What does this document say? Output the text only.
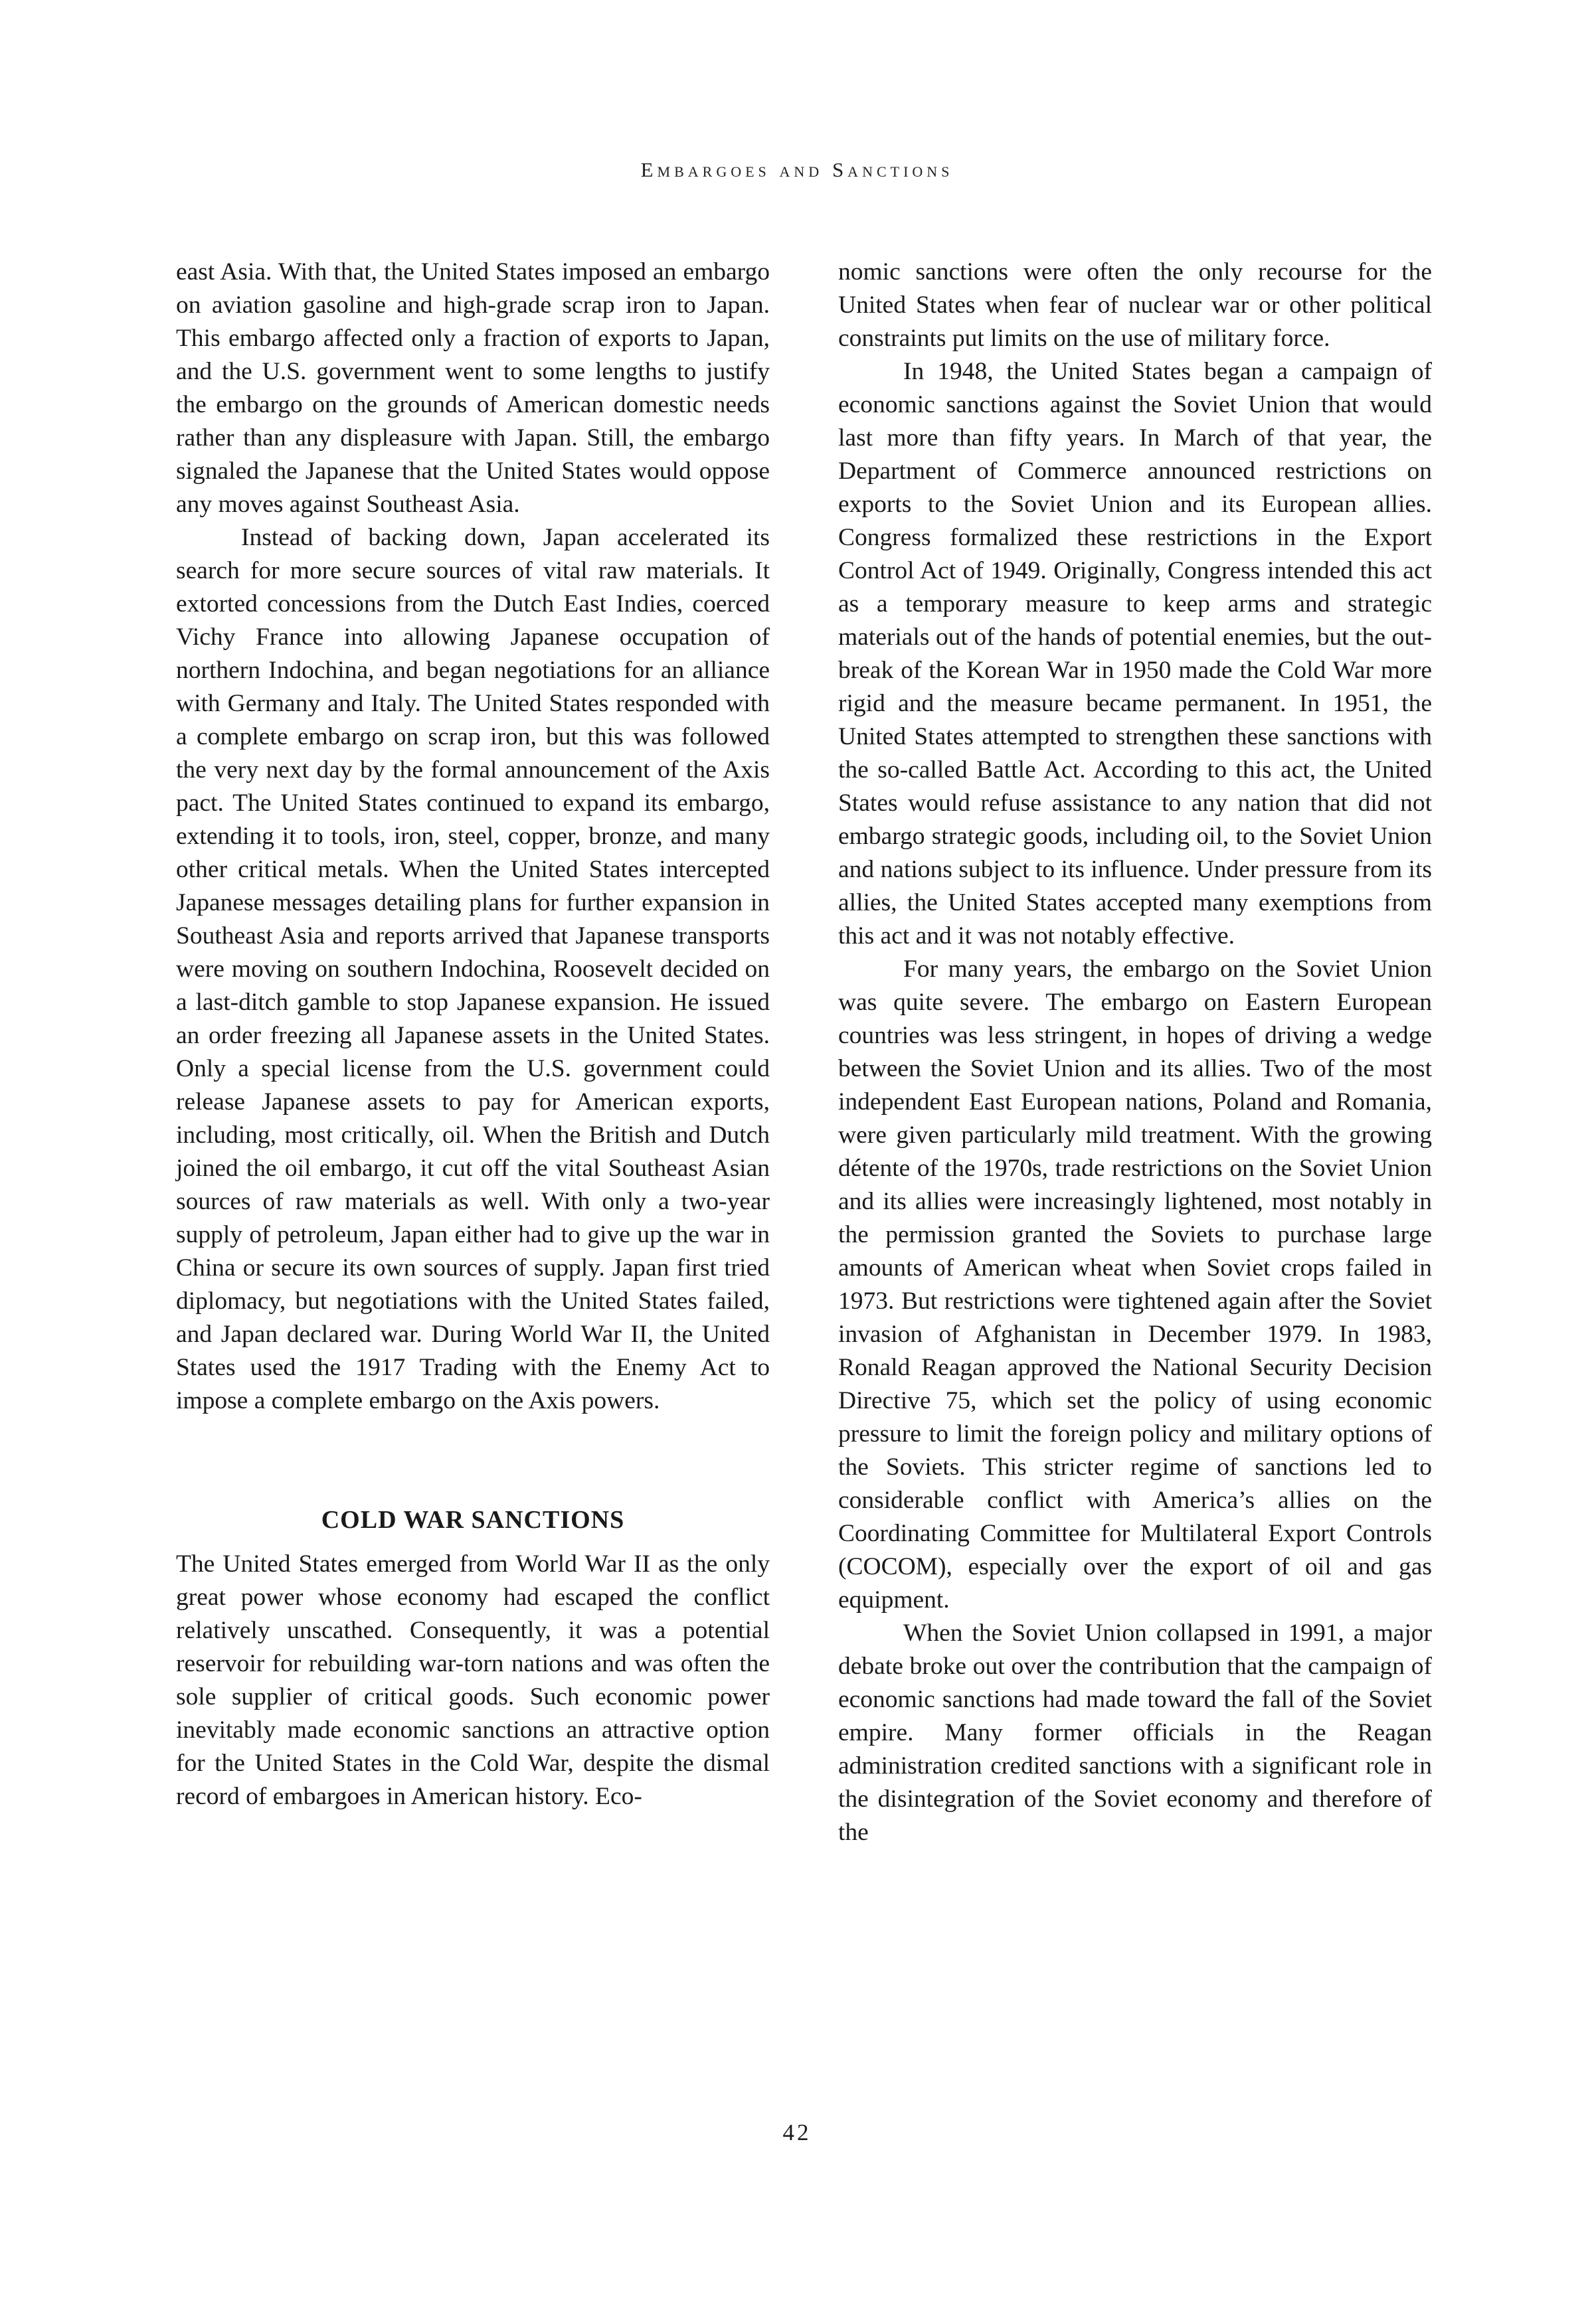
Embargoes and Sanctions

east Asia. With that, the United States imposed an embargo on aviation gasoline and high-grade scrap iron to Japan. This embargo affected only a fraction of exports to Japan, and the U.S. government went to some lengths to justify the embargo on the grounds of American domestic needs rather than any displeasure with Japan. Still, the embargo signaled the Japanese that the United States would oppose any moves against Southeast Asia.

Instead of backing down, Japan accelerated its search for more secure sources of vital raw materials. It extorted concessions from the Dutch East Indies, coerced Vichy France into allowing Japanese occupation of northern Indochina, and began negotiations for an alliance with Germany and Italy. The United States responded with a complete embargo on scrap iron, but this was followed the very next day by the formal announcement of the Axis pact. The United States continued to expand its embargo, extending it to tools, iron, steel, copper, bronze, and many other critical metals. When the United States intercepted Japanese messages detailing plans for further expansion in Southeast Asia and reports arrived that Japanese transports were moving on southern Indochina, Roosevelt decided on a last-ditch gamble to stop Japanese expansion. He issued an order freezing all Japanese assets in the United States. Only a special license from the U.S. government could release Japanese assets to pay for American exports, including, most critically, oil. When the British and Dutch joined the oil embargo, it cut off the vital Southeast Asian sources of raw materials as well. With only a two-year supply of petroleum, Japan either had to give up the war in China or secure its own sources of supply. Japan first tried diplomacy, but negotiations with the United States failed, and Japan declared war. During World War II, the United States used the 1917 Trading with the Enemy Act to impose a complete embargo on the Axis powers.

COLD WAR SANCTIONS

The United States emerged from World War II as the only great power whose economy had escaped the conflict relatively unscathed. Consequently, it was a potential reservoir for rebuilding war-torn nations and was often the sole supplier of critical goods. Such economic power inevitably made economic sanctions an attractive option for the United States in the Cold War, despite the dismal record of embargoes in American history. Eco-

nomic sanctions were often the only recourse for the United States when fear of nuclear war or other political constraints put limits on the use of military force.

In 1948, the United States began a campaign of economic sanctions against the Soviet Union that would last more than fifty years. In March of that year, the Department of Commerce announced restrictions on exports to the Soviet Union and its European allies. Congress formalized these restrictions in the Export Control Act of 1949. Originally, Congress intended this act as a temporary measure to keep arms and strategic materials out of the hands of potential enemies, but the outbreak of the Korean War in 1950 made the Cold War more rigid and the measure became permanent. In 1951, the United States attempted to strengthen these sanctions with the so-called Battle Act. According to this act, the United States would refuse assistance to any nation that did not embargo strategic goods, including oil, to the Soviet Union and nations subject to its influence. Under pressure from its allies, the United States accepted many exemptions from this act and it was not notably effective.

For many years, the embargo on the Soviet Union was quite severe. The embargo on Eastern European countries was less stringent, in hopes of driving a wedge between the Soviet Union and its allies. Two of the most independent East European nations, Poland and Romania, were given particularly mild treatment. With the growing détente of the 1970s, trade restrictions on the Soviet Union and its allies were increasingly lightened, most notably in the permission granted the Soviets to purchase large amounts of American wheat when Soviet crops failed in 1973. But restrictions were tightened again after the Soviet invasion of Afghanistan in December 1979. In 1983, Ronald Reagan approved the National Security Decision Directive 75, which set the policy of using economic pressure to limit the foreign policy and military options of the Soviets. This stricter regime of sanctions led to considerable conflict with America’s allies on the Coordinating Committee for Multilateral Export Controls (COCOM), especially over the export of oil and gas equipment.

When the Soviet Union collapsed in 1991, a major debate broke out over the contribution that the campaign of economic sanctions had made toward the fall of the Soviet empire. Many former officials in the Reagan administration credited sanctions with a significant role in the disintegration of the Soviet economy and therefore of the

42
